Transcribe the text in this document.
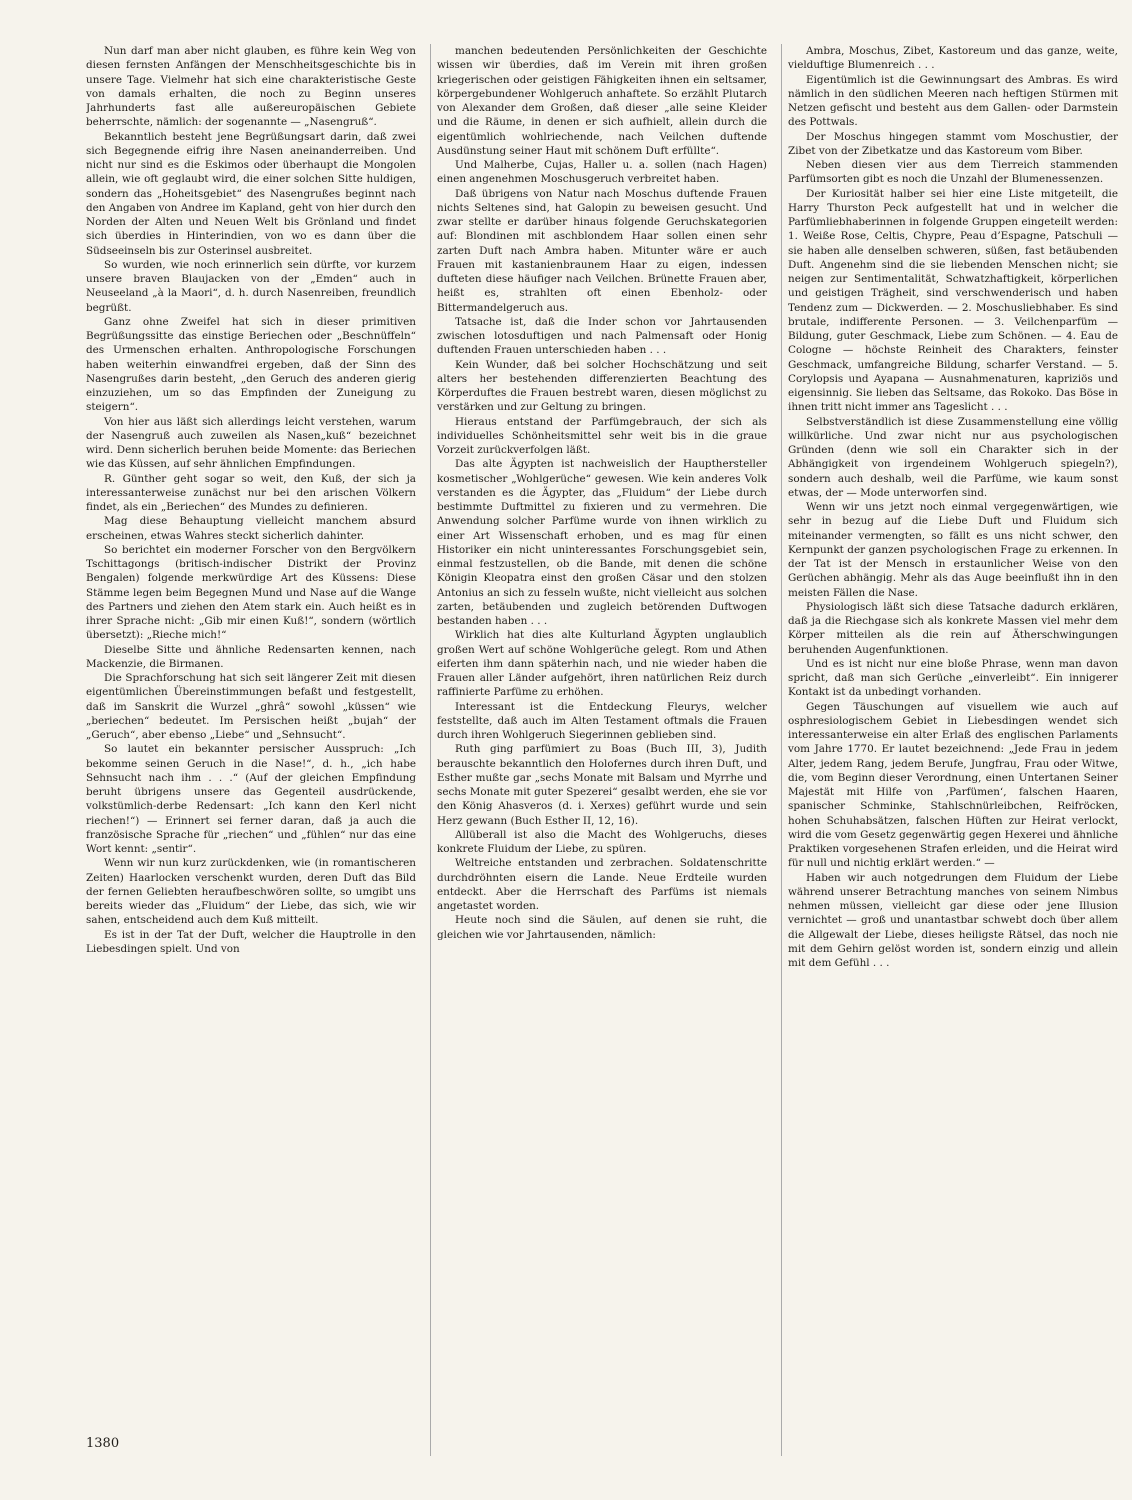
Nun darf man aber nicht glauben, es führe kein Weg von diesen fernsten Anfängen der Menschheitsgeschichte bis in unsere Tage. Vielmehr hat sich eine charakteristische Geste von damals erhalten, die noch zu Beginn unseres Jahrhunderts fast alle außereuropäischen Gebiete beherrschte, nämlich: der sogenannte — „Nasengruß“.

Bekanntlich besteht jene Begrüßungsart darin, daß zwei sich Begegnende eifrig ihre Nasen aneinanderreiben. Und nicht nur sind es die Eskimos oder überhaupt die Mongolen allein, wie oft geglaubt wird, die einer solchen Sitte huldigen, sondern das „Hoheitsgebiet“ des Nasengrußes beginnt nach den Angaben von Andree im Kapland, geht von hier durch den Norden der Alten und Neuen Welt bis Grönland und findet sich überdies in Hinterindien, von wo es dann über die Südseeinseln bis zur Osterinsel ausbreitet.

So wurden, wie noch erinnerlich sein dürfte, vor kurzem unsere braven Blaujacken von der „Emden“ auch in Neuseeland „à la Maori“, d. h. durch Nasenreiben, freundlich begrüßt.

Ganz ohne Zweifel hat sich in dieser primitiven Begrüßungssitte das einstige Beriechen oder „Beschnüffeln“ des Urmenschen erhalten. Anthropologische Forschungen haben weiterhin einwandfrei ergeben, daß der Sinn des Nasengrußes darin besteht, „den Geruch des anderen gierig einzuziehen, um so das Empfinden der Zuneigung zu steigern“.

Von hier aus läßt sich allerdings leicht verstehen, warum der Nasengruß auch zuweilen als Nasen„kuß“ bezeichnet wird. Denn sicherlich beruhen beide Momente: das Beriechen wie das Küssen, auf sehr ähnlichen Empfindungen.

R. Günther geht sogar so weit, den Kuß, der sich ja interessanterweise zunächst nur bei den arischen Völkern findet, als ein „Beriechen“ des Mundes zu definieren.

Mag diese Behauptung vielleicht manchem absurd erscheinen, etwas Wahres steckt sicherlich dahinter.

So berichtet ein moderner Forscher von den Bergvölkern Tschittagongs (britisch-indischer Distrikt der Provinz Bengalen) folgende merkwürdige Art des Küssens: Diese Stämme legen beim Begegnen Mund und Nase auf die Wange des Partners und ziehen den Atem stark ein. Auch heißt es in ihrer Sprache nicht: „Gib mir einen Kuß!“, sondern (wörtlich übersetzt): „Rieche mich!“

Dieselbe Sitte und ähnliche Redensarten kennen, nach Mackenzie, die Birmanen.

Die Sprachforschung hat sich seit längerer Zeit mit diesen eigentümlichen Übereinstimmungen befaßt und festgestellt, daß im Sanskrit die Wurzel „ghrâ“ sowohl „küssen“ wie „beriechen“ bedeutet. Im Persischen heißt „bujah“ der „Geruch“, aber ebenso „Liebe“ und „Sehnsucht“.

So lautet ein bekannter persischer Ausspruch: „Ich bekomme seinen Geruch in die Nase!“, d. h., „ich habe Sehnsucht nach ihm . . .“ (Auf der gleichen Empfindung beruht übrigens unsere das Gegenteil ausdrückende, volkstümlich-derbe Redensart: „Ich kann den Kerl nicht riechen!“) — Erinnert sei ferner daran, daß ja auch die französische Sprache für „riechen“ und „fühlen“ nur das eine Wort kennt: „sentir“.

Wenn wir nun kurz zurückdenken, wie (in romantischeren Zeiten) Haarlocken verschenkt wurden, deren Duft das Bild der fernen Geliebten heraufbeschwören sollte, so umgibt uns bereits wieder das „Fluidum“ der Liebe, das sich, wie wir sahen, entscheidend auch dem Kuß mitteilt.

Es ist in der Tat der Duft, welcher die Hauptrolle in den Liebesdingen spielt. Und von

manchen bedeutenden Persönlichkeiten der Geschichte wissen wir überdies, daß im Verein mit ihren großen kriegerischen oder geistigen Fähigkeiten ihnen ein seltsamer, körpergebundener Wohlgeruch anhaftete. So erzählt Plutarch von Alexander dem Großen, daß dieser „alle seine Kleider und die Räume, in denen er sich aufhielt, allein durch die eigentümlich wohlriechende, nach Veilchen duftende Ausdünstung seiner Haut mit schönem Duft erfüllte“.

Und Malherbe, Cujas, Haller u. a. sollen (nach Hagen) einen angenehmen Moschusgeruch verbreitet haben.

Daß übrigens von Natur nach Moschus duftende Frauen nichts Seltenes sind, hat Galopin zu beweisen gesucht. Und zwar stellte er darüber hinaus folgende Geruchskategorien auf: Blondinen mit aschblondem Haar sollen einen sehr zarten Duft nach Ambra haben. Mitunter wäre er auch Frauen mit kastanienbraunem Haar zu eigen, indessen dufteten diese häufiger nach Veilchen. Brünette Frauen aber, heißt es, strahlten oft einen Ebenholz- oder Bittermandelgeruch aus.

Tatsache ist, daß die Inder schon vor Jahrtausenden zwischen lotosduftigen und nach Palmensaft oder Honig duftenden Frauen unterschieden haben . . .

Kein Wunder, daß bei solcher Hochschätzung und seit alters her bestehenden differenzierten Beachtung des Körperduftes die Frauen bestrebt waren, diesen möglichst zu verstärken und zur Geltung zu bringen.

Hieraus entstand der Parfümgebrauch, der sich als individuelles Schönheitsmittel sehr weit bis in die graue Vorzeit zurückverfolgen läßt.

Das alte Ägypten ist nachweislich der Haupthersteller kosmetischer „Wohlgerüche“ gewesen. Wie kein anderes Volk verstanden es die Ägypter, das „Fluidum“ der Liebe durch bestimmte Duftmittel zu fixieren und zu vermehren. Die Anwendung solcher Parfüme wurde von ihnen wirklich zu einer Art Wissenschaft erhoben, und es mag für einen Historiker ein nicht uninteressantes Forschungsgebiet sein, einmal festzustellen, ob die Bande, mit denen die schöne Königin Kleopatra einst den großen Cäsar und den stolzen Antonius an sich zu fesseln wußte, nicht vielleicht aus solchen zarten, betäubenden und zugleich betörenden Duftwogen bestanden haben . . .

Wirklich hat dies alte Kulturland Ägypten unglaublich großen Wert auf schöne Wohlgerüche gelegt. Rom und Athen eiferten ihm dann späterhin nach, und nie wieder haben die Frauen aller Länder aufgehört, ihren natürlichen Reiz durch raffinierte Parfüme zu erhöhen.

Interessant ist die Entdeckung Fleurys, welcher feststellte, daß auch im Alten Testament oftmals die Frauen durch ihren Wohlgeruch Siegerinnen geblieben sind.

Ruth ging parfümiert zu Boas (Buch III, 3), Judith berauschte bekanntlich den Holofernes durch ihren Duft, und Esther mußte gar „sechs Monate mit Balsam und Myrrhe und sechs Monate mit guter Spezerei“ gesalbt werden, ehe sie vor den König Ahasveros (d. i. Xerxes) geführt wurde und sein Herz gewann (Buch Esther II, 12, 16).

Allüberall ist also die Macht des Wohlgeruchs, dieses konkrete Fluidum der Liebe, zu spüren.

Weltreiche entstanden und zerbrachen. Soldatenschritte durchdröhnten eisern die Lande. Neue Erdteile wurden entdeckt. Aber die Herrschaft des Parfüms ist niemals angetastet worden.

Heute noch sind die Säulen, auf denen sie ruht, die gleichen wie vor Jahrtausenden, nämlich:

Ambra, Moschus, Zibet, Kastoreum und das ganze, weite, vielduftige Blumenreich . . .

Eigentümlich ist die Gewinnungsart des Ambras. Es wird nämlich in den südlichen Meeren nach heftigen Stürmen mit Netzen gefischt und besteht aus dem Gallen- oder Darmstein des Pottwals.

Der Moschus hingegen stammt vom Moschustier, der Zibet von der Zibetkatze und das Kastoreum vom Biber.

Neben diesen vier aus dem Tierreich stammenden Parfümsorten gibt es noch die Unzahl der Blumenessenzen.

Der Kuriosität halber sei hier eine Liste mitgeteilt, die Harry Thurston Peck aufgestellt hat und in welcher die Parfümliebhaberinnen in folgende Gruppen eingeteilt werden: 1. Weiße Rose, Celtis, Chypre, Peau d’Espagne, Patschuli — sie haben alle denselben schweren, süßen, fast betäubenden Duft. Angenehm sind die sie liebenden Menschen nicht; sie neigen zur Sentimentalität, Schwatzhaftigkeit, körperlichen und geistigen Trägheit, sind verschwenderisch und haben Tendenz zum — Dickwerden. — 2. Moschusliebhaber. Es sind brutale, indifferente Personen. — 3. Veilchenparfüm — Bildung, guter Geschmack, Liebe zum Schönen. — 4. Eau de Cologne — höchste Reinheit des Charakters, feinster Geschmack, umfangreiche Bildung, scharfer Verstand. — 5. Corylopsis und Ayapana — Ausnahmenaturen, kapriziös und eigensinnig. Sie lieben das Seltsame, das Rokoko. Das Böse in ihnen tritt nicht immer ans Tageslicht . . .

Selbstverständlich ist diese Zusammenstellung eine völlig willkürliche. Und zwar nicht nur aus psychologischen Gründen (denn wie soll ein Charakter sich in der Abhängigkeit von irgendeinem Wohlgeruch spiegeln?), sondern auch deshalb, weil die Parfüme, wie kaum sonst etwas, der — Mode unterworfen sind.

Wenn wir uns jetzt noch einmal vergegenwärtigen, wie sehr in bezug auf die Liebe Duft und Fluidum sich miteinander vermengten, so fällt es uns nicht schwer, den Kernpunkt der ganzen psychologischen Frage zu erkennen. In der Tat ist der Mensch in erstaunlicher Weise von den Gerüchen abhängig. Mehr als das Auge beeinflußt ihn in den meisten Fällen die Nase.

Physiologisch läßt sich diese Tatsache dadurch erklären, daß ja die Riechgase sich als konkrete Massen viel mehr dem Körper mitteilen als die rein auf Ätherschwingungen beruhenden Augenfunktionen.

Und es ist nicht nur eine bloße Phrase, wenn man davon spricht, daß man sich Gerüche „einverleibt“. Ein innigerer Kontakt ist da unbedingt vorhanden.

Gegen Täuschungen auf visuellem wie auch auf osphresiologischem Gebiet in Liebesdingen wendet sich interessanterweise ein alter Erlaß des englischen Parlaments vom Jahre 1770. Er lautet bezeichnend: „Jede Frau in jedem Alter, jedem Rang, jedem Berufe, Jungfrau, Frau oder Witwe, die, vom Beginn dieser Verordnung, einen Untertanen Seiner Majestät mit Hilfe von ‚Parfümen‘, falschen Haaren, spanischer Schminke, Stahlschnürleibchen, Reifröcken, hohen Schuhabsätzen, falschen Hüften zur Heirat verlockt, wird die vom Gesetz gegenwärtig gegen Hexerei und ähnliche Praktiken vorgesehenen Strafen erleiden, und die Heirat wird für null und nichtig erklärt werden.“ —

Haben wir auch notgedrungen dem Fluidum der Liebe während unserer Betrachtung manches von seinem Nimbus nehmen müssen, vielleicht gar diese oder jene Illusion vernichtet — groß und unantastbar schwebt doch über allem die Allgewalt der Liebe, dieses heiligste Rätsel, das noch nie mit dem Gehirn gelöst worden ist, sondern einzig und allein mit dem Gefühl . . .

1380
